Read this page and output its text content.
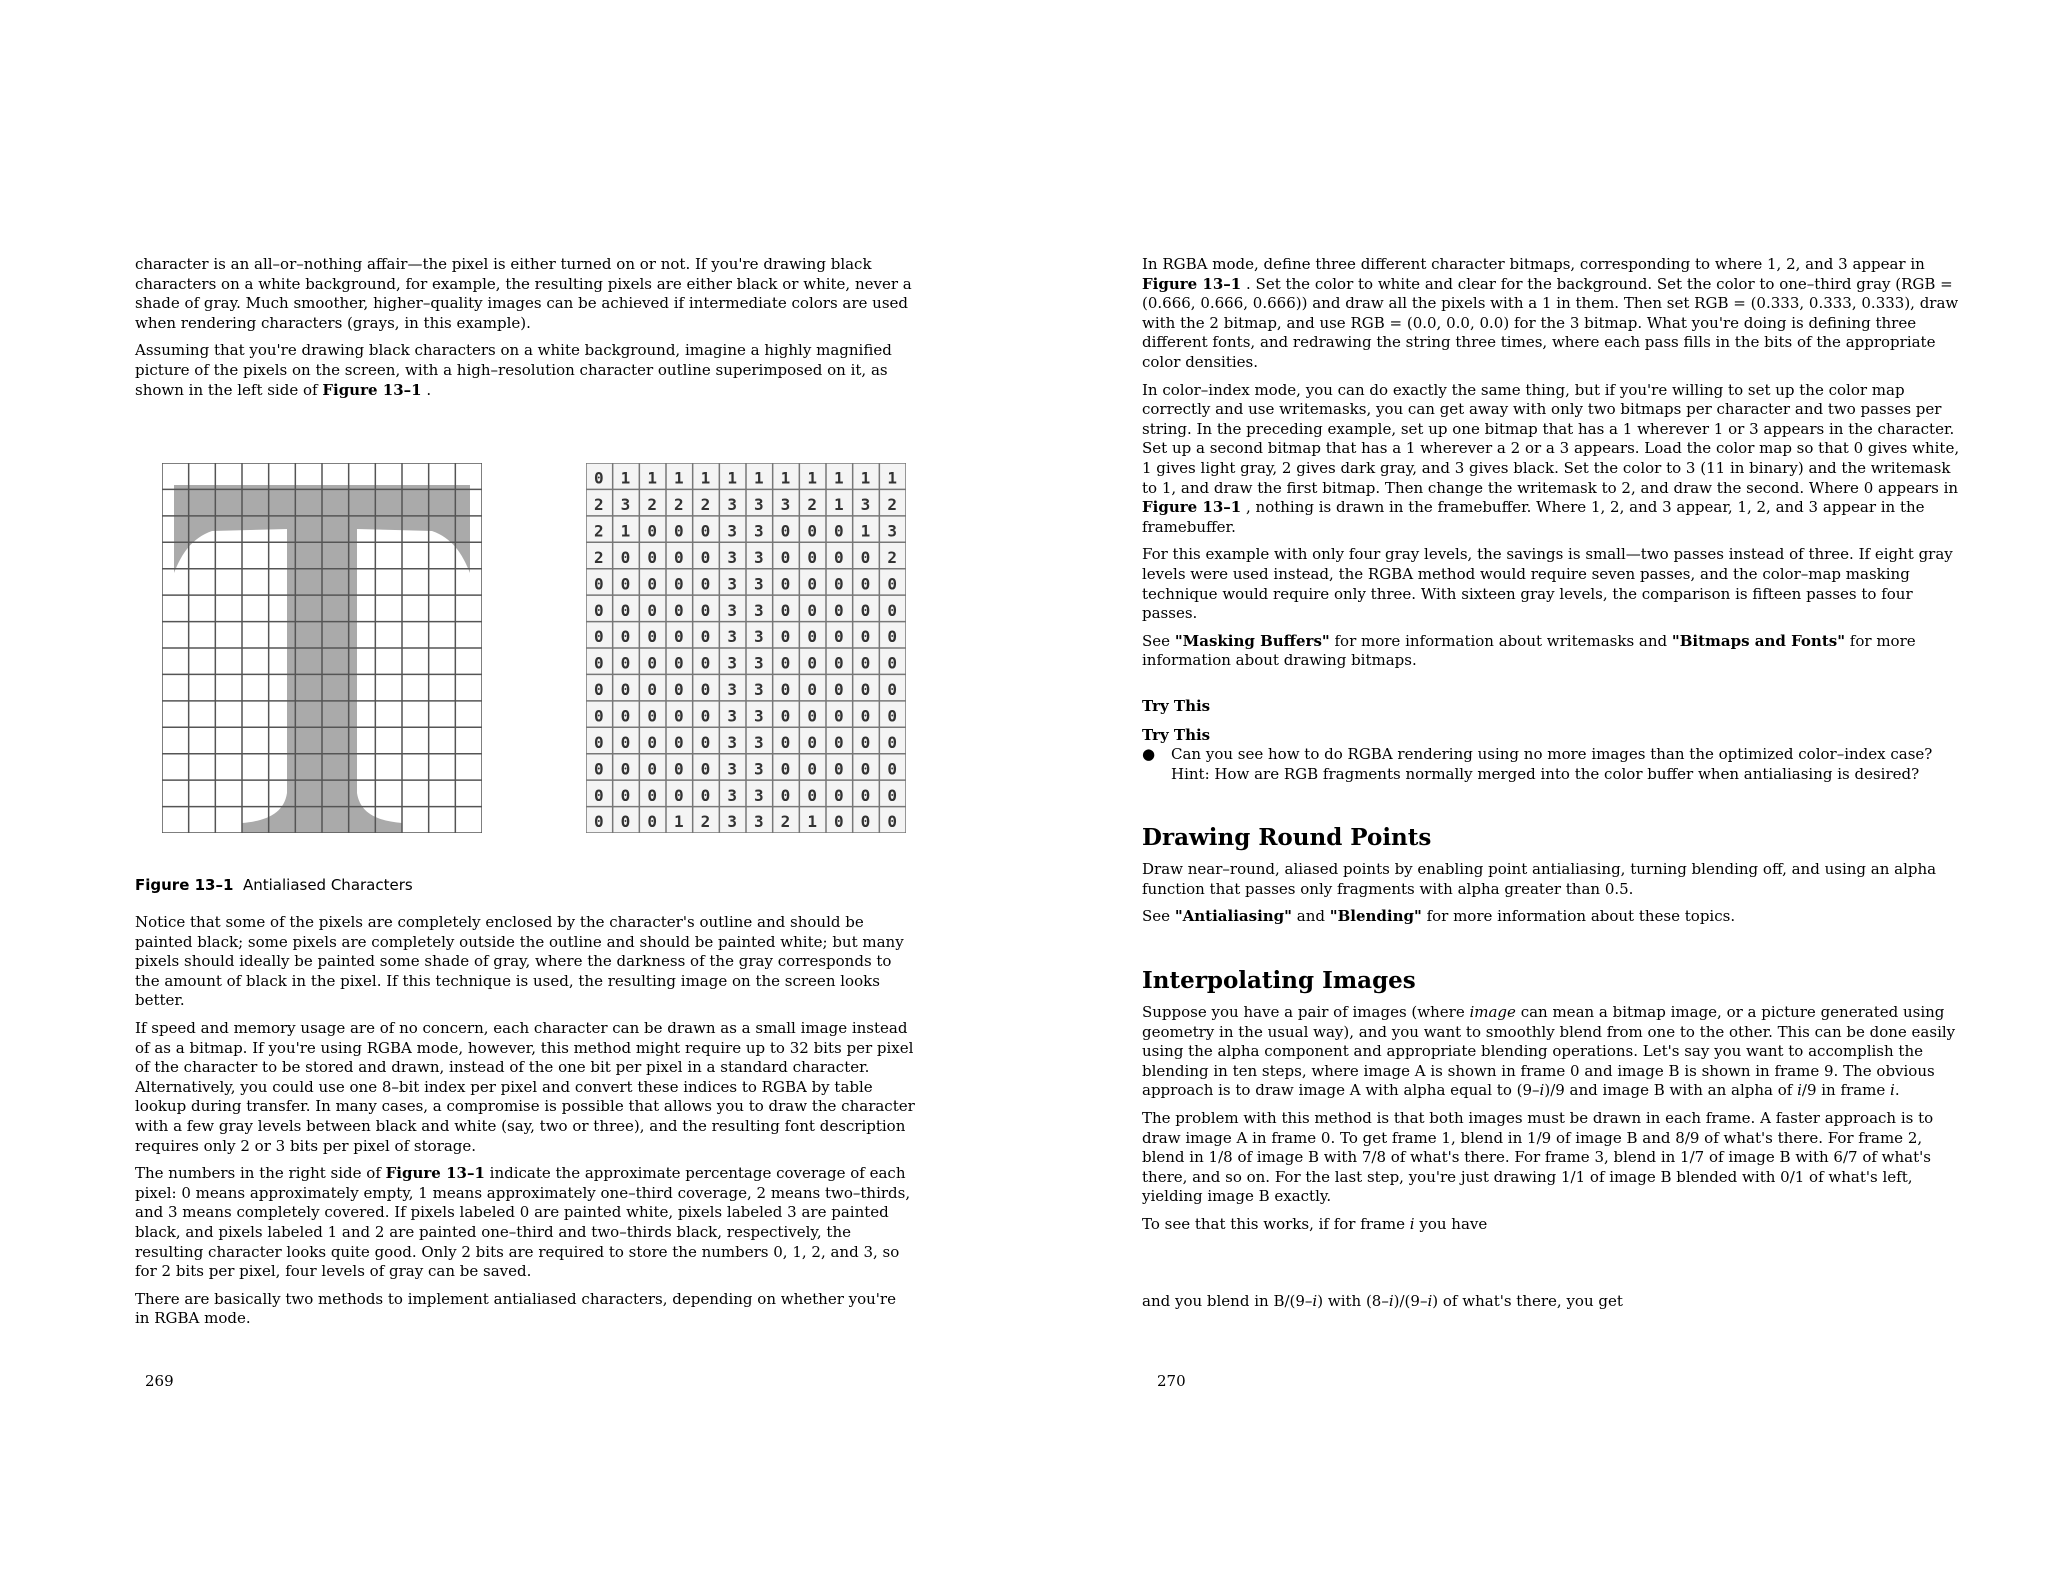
character is an all–or–nothing affair—the pixel is either turned on or not. If you're drawing black characters on a white background, for example, the resulting pixels are either black or white, never a shade of gray. Much smoother, higher–quality images can be achieved if intermediate colors are used when rendering characters (grays, in this example).

Assuming that you're drawing black characters on a white background, imagine a highly magnified picture of the pixels on the screen, with a high–resolution character outline superimposed on it, as shown in the left side of Figure 13–1 .

0 1 1 1 1 1 1 1 1 1 1 1
2 3 2 2 2 3 3 3 2 1 3 2
2 1 0 0 0 3 3 0 0 0 1 3
2 0 0 0 0 3 3 0 0 0 0 2
0 0 0 0 0 3 3 0 0 0 0 0
0 0 0 0 0 3 3 0 0 0 0 0
0 0 0 0 0 3 3 0 0 0 0 0
0 0 0 0 0 3 3 0 0 0 0 0
0 0 0 0 0 3 3 0 0 0 0 0
0 0 0 0 0 3 3 0 0 0 0 0
0 0 0 0 0 3 3 0 0 0 0 0
0 0 0 0 0 3 3 0 0 0 0 0
0 0 0 0 0 3 3 0 0 0 0 0
0 0 0 1 2 3 3 2 1 0 0 0
Figure 13–1 Antialiased Characters

Notice that some of the pixels are completely enclosed by the character's outline and should be painted black; some pixels are completely outside the outline and should be painted white; but many pixels should ideally be painted some shade of gray, where the darkness of the gray corresponds to the amount of black in the pixel. If this technique is used, the resulting image on the screen looks better.

If speed and memory usage are of no concern, each character can be drawn as a small image instead of as a bitmap. If you're using RGBA mode, however, this method might require up to 32 bits per pixel of the character to be stored and drawn, instead of the one bit per pixel in a standard character. Alternatively, you could use one 8–bit index per pixel and convert these indices to RGBA by table lookup during transfer. In many cases, a compromise is possible that allows you to draw the character with a few gray levels between black and white (say, two or three), and the resulting font description requires only 2 or 3 bits per pixel of storage.

The numbers in the right side of Figure 13–1 indicate the approximate percentage coverage of each pixel: 0 means approximately empty, 1 means approximately one–third coverage, 2 means two–thirds, and 3 means completely covered. If pixels labeled 0 are painted white, pixels labeled 3 are painted black, and pixels labeled 1 and 2 are painted one–third and two–thirds black, respectively, the resulting character looks quite good. Only 2 bits are required to store the numbers 0, 1, 2, and 3, so for 2 bits per pixel, four levels of gray can be saved.

There are basically two methods to implement antialiased characters, depending on whether you're in RGBA mode.

269

In RGBA mode, define three different character bitmaps, corresponding to where 1, 2, and 3 appear in Figure 13–1 . Set the color to white and clear for the background. Set the color to one–third gray (RGB = (0.666, 0.666, 0.666)) and draw all the pixels with a 1 in them. Then set RGB = (0.333, 0.333, 0.333), draw with the 2 bitmap, and use RGB = (0.0, 0.0, 0.0) for the 3 bitmap. What you're doing is defining three different fonts, and redrawing the string three times, where each pass fills in the bits of the appropriate color densities.

In color–index mode, you can do exactly the same thing, but if you're willing to set up the color map correctly and use writemasks, you can get away with only two bitmaps per character and two passes per string. In the preceding example, set up one bitmap that has a 1 wherever 1 or 3 appears in the character. Set up a second bitmap that has a 1 wherever a 2 or a 3 appears. Load the color map so that 0 gives white, 1 gives light gray, 2 gives dark gray, and 3 gives black. Set the color to 3 (11 in binary) and the writemask to 1, and draw the first bitmap. Then change the writemask to 2, and draw the second. Where 0 appears in Figure 13–1 , nothing is drawn in the framebuffer. Where 1, 2, and 3 appear, 1, 2, and 3 appear in the framebuffer.

For this example with only four gray levels, the savings is small—two passes instead of three. If eight gray levels were used instead, the RGBA method would require seven passes, and the color–map masking technique would require only three. With sixteen gray levels, the comparison is fifteen passes to four passes.

See "Masking Buffers" for more information about writemasks and "Bitmaps and Fonts" for more information about drawing bitmaps.

Try This
Try This
● Can you see how to do RGBA rendering using no more images than the optimized color–index case? Hint: How are RGB fragments normally merged into the color buffer when antialiasing is desired?
Drawing Round Points

Draw near–round, aliased points by enabling point antialiasing, turning blending off, and using an alpha function that passes only fragments with alpha greater than 0.5.

See "Antialiasing" and "Blending" for more information about these topics.

Interpolating Images

Suppose you have a pair of images (where image can mean a bitmap image, or a picture generated using geometry in the usual way), and you want to smoothly blend from one to the other. This can be done easily using the alpha component and appropriate blending operations. Let's say you want to accomplish the blending in ten steps, where image A is shown in frame 0 and image B is shown in frame 9. The obvious approach is to draw image A with alpha equal to (9–i)/9 and image B with an alpha of i/9 in frame i.

The problem with this method is that both images must be drawn in each frame. A faster approach is to draw image A in frame 0. To get frame 1, blend in 1/9 of image B and 8/9 of what's there. For frame 2, blend in 1/8 of image B with 7/8 of what's there. For frame 3, blend in 1/7 of image B with 6/7 of what's there, and so on. For the last step, you're just drawing 1/1 of image B blended with 0/1 of what's left, yielding image B exactly.

To see that this works, if for frame i you have

and you blend in B/(9–i) with (8–i)/(9–i) of what's there, you get

270
